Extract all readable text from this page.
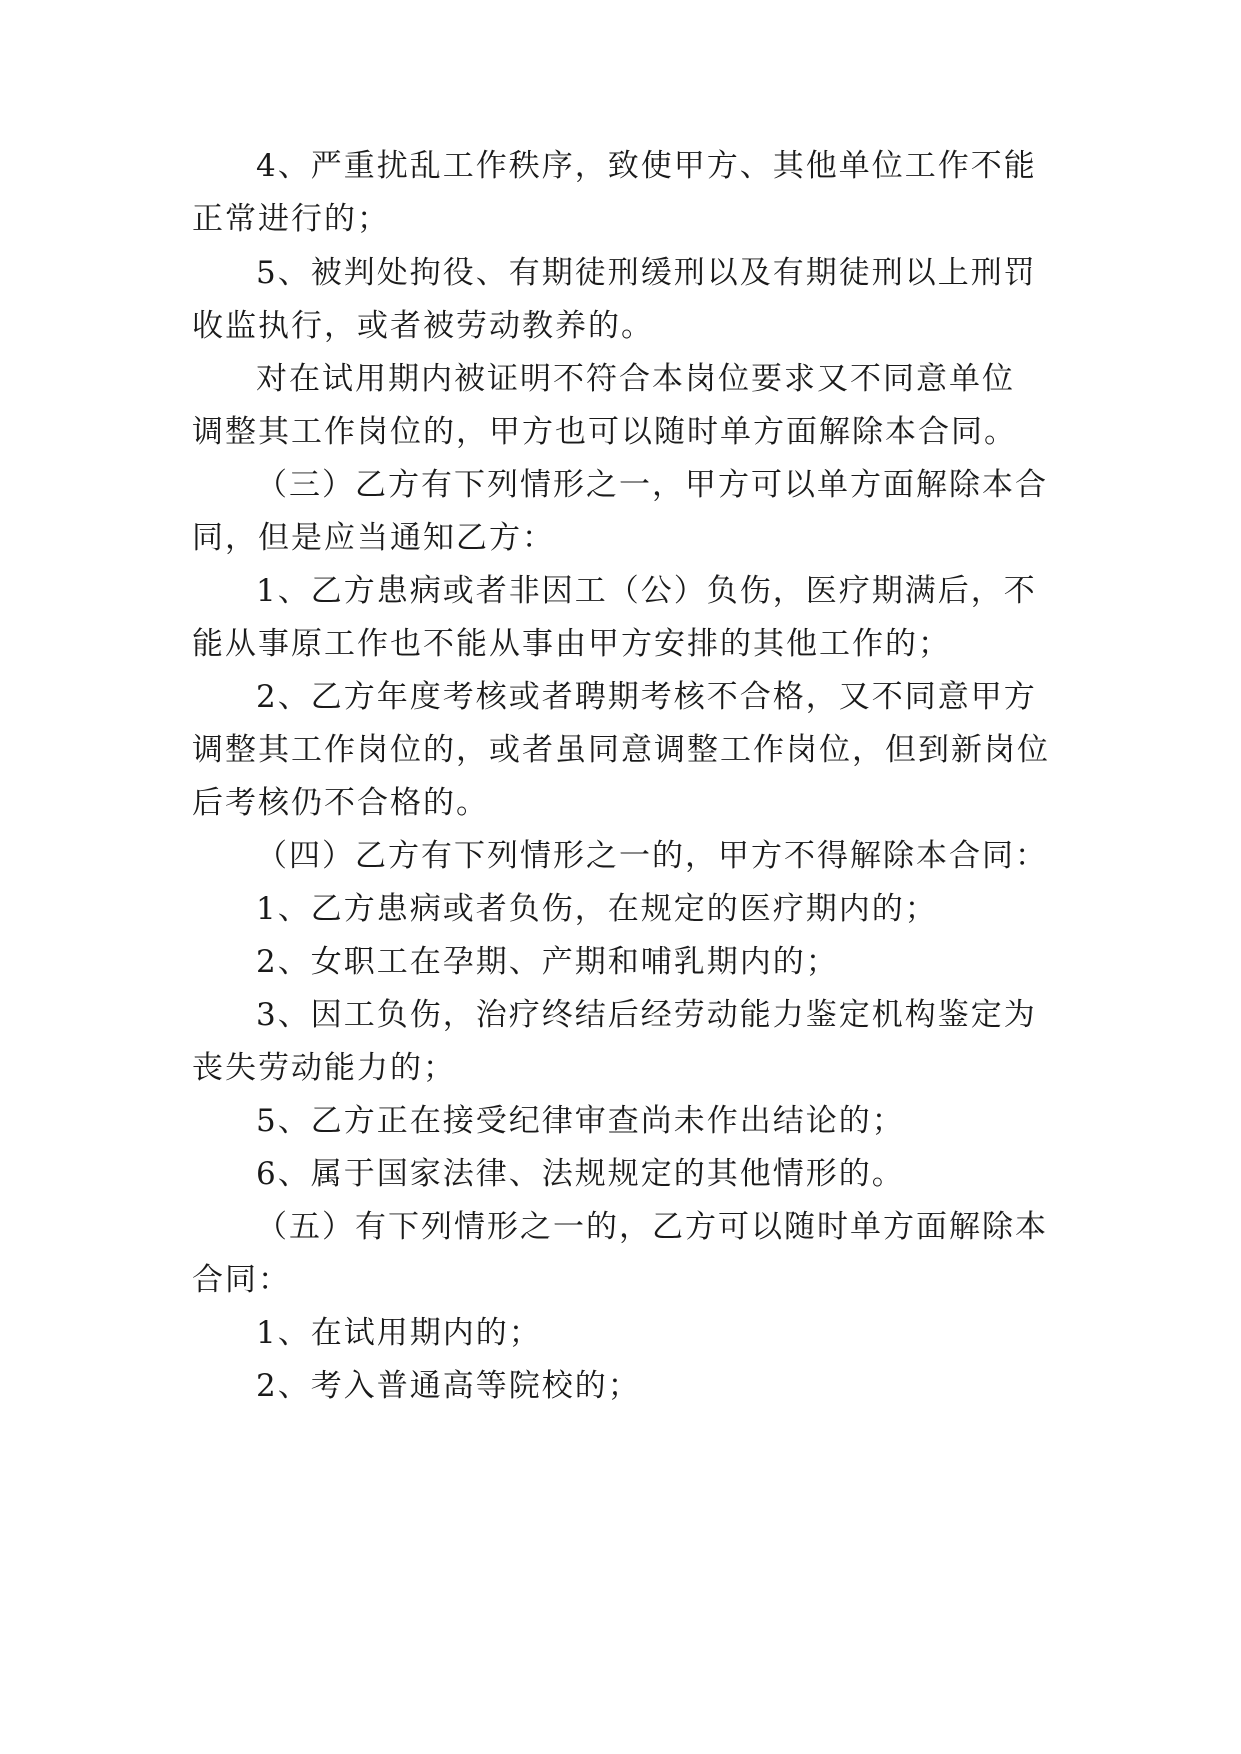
4、严重扰乱工作秩序，致使甲方、其他单位工作不能

正常进行的；

5、被判处拘役、有期徒刑缓刑以及有期徒刑以上刑罚

收监执行，或者被劳动教养的。

对在试用期内被证明不符合本岗位要求又不同意单位

调整其工作岗位的，甲方也可以随时单方面解除本合同。

（三）乙方有下列情形之一，甲方可以单方面解除本合

同，但是应当通知乙方：

1、乙方患病或者非因工（公）负伤，医疗期满后，不

能从事原工作也不能从事由甲方安排的其他工作的；

2、乙方年度考核或者聘期考核不合格，又不同意甲方

调整其工作岗位的，或者虽同意调整工作岗位，但到新岗位

后考核仍不合格的。

（四）乙方有下列情形之一的，甲方不得解除本合同：

1、乙方患病或者负伤，在规定的医疗期内的；

2、女职工在孕期、产期和哺乳期内的；

3、因工负伤，治疗终结后经劳动能力鉴定机构鉴定为

丧失劳动能力的；

5、乙方正在接受纪律审查尚未作出结论的；

6、属于国家法律、法规规定的其他情形的。

（五）有下列情形之一的，乙方可以随时单方面解除本

合同：

1、在试用期内的；

2、考入普通高等院校的；
